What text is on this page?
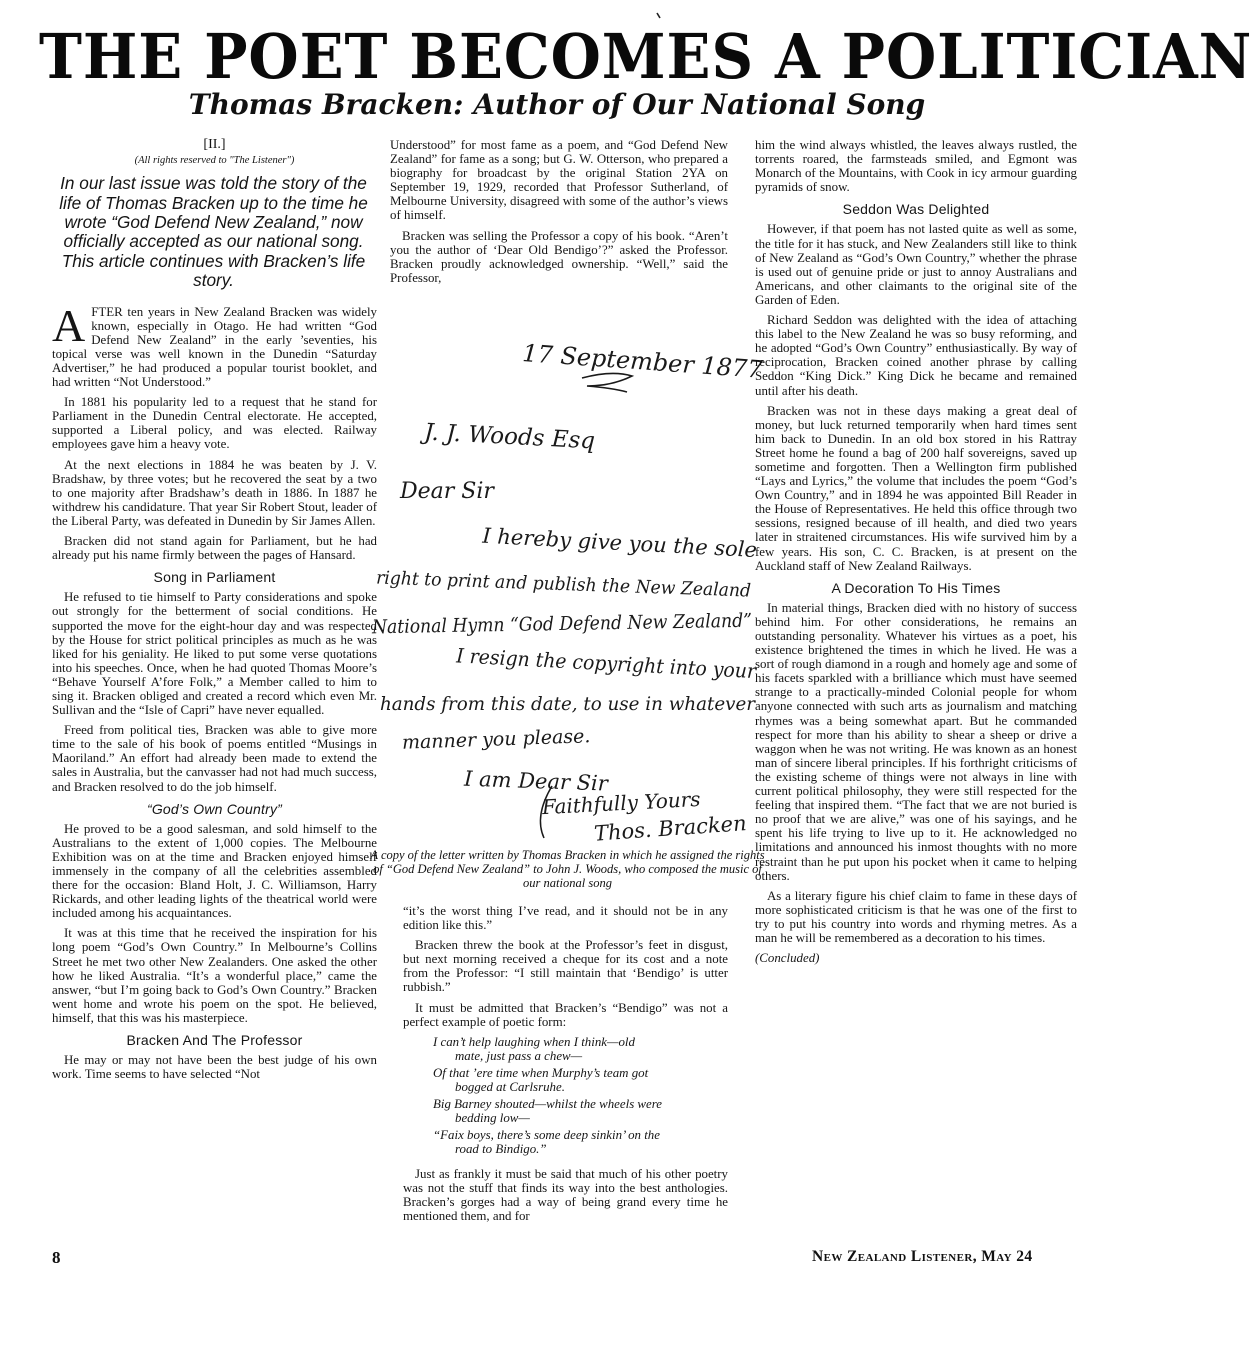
THE POET BECOMES A POLITICIAN
Thomas Bracken: Author of Our National Song
[II.]
(All rights reserved to "The Listener")
In our last issue was told the story of the life of Thomas Bracken up to the time he wrote “God Defend New Zealand,” now officially accepted as our national song. This article continues with Bracken’s life story.

AFTER ten years in New Zealand Bracken was widely known, especially in Otago. He had written “God Defend New Zealand” in the early ’seventies, his topical verse was well known in the Dunedin “Saturday Advertiser,” he had produced a popular tourist booklet, and had written “Not Understood.”

In 1881 his popularity led to a request that he stand for Parliament in the Dunedin Central electorate. He accepted, supported a Liberal policy, and was elected. Railway employees gave him a heavy vote.

At the next elections in 1884 he was beaten by J. V. Bradshaw, by three votes; but he recovered the seat by a two to one majority after Bradshaw’s death in 1886. In 1887 he withdrew his candidature. That year Sir Robert Stout, leader of the Liberal Party, was defeated in Dunedin by Sir James Allen.

Bracken did not stand again for Parliament, but he had already put his name firmly between the pages of Hansard.

Song in Parliament

He refused to tie himself to Party considerations and spoke out strongly for the betterment of social conditions. He supported the move for the eight-hour day and was respected by the House for strict political principles as much as he was liked for his geniality. He liked to put some verse quotations into his speeches. Once, when he had quoted Thomas Moore’s “Behave Yourself A’fore Folk,” a Member called to him to sing it. Bracken obliged and created a record which even Mr. Sullivan and the “Isle of Capri” have never equalled.

Freed from political ties, Bracken was able to give more time to the sale of his book of poems entitled “Musings in Maoriland.” An effort had already been made to extend the sales in Australia, but the canvasser had not had much success, and Bracken resolved to do the job himself.

“God’s Own Country”

He proved to be a good salesman, and sold himself to the Australians to the extent of 1,000 copies. The Melbourne Exhibition was on at the time and Bracken enjoyed himself immensely in the company of all the celebrities assembled there for the occasion: Bland Holt, J. C. Williamson, Harry Rickards, and other leading lights of the theatrical world were included among his acquaintances.

It was at this time that he received the inspiration for his long poem “God’s Own Country.” In Melbourne’s Collins Street he met two other New Zealanders. One asked the other how he liked Australia. “It’s a wonderful place,” came the answer, “but I’m going back to God’s Own Country.” Bracken went home and wrote his poem on the spot. He believed, himself, that this was his masterpiece.

Bracken And The Professor

He may or may not have been the best judge of his own work. Time seems to have selected “Not

Understood” for most fame as a poem, and “God Defend New Zealand” for fame as a song; but G. W. Otterson, who prepared a biography for broadcast by the original Station 2YA on September 19, 1929, recorded that Professor Sutherland, of Melbourne University, disagreed with some of the author’s views of himself.

Bracken was selling the Professor a copy of his book. “Aren’t you the author of ‘Dear Old Bendigo’?” asked the Professor. Bracken proudly acknowledged ownership. “Well,” said the Professor,

17 September 1877
J. J. Woods Esq
Dear Sir
I hereby give you the sole
right to print and publish the New Zealand
National Hymn “God Defend New Zealand”
I resign the copyright into your
hands from this date, to use in whatever
manner you please.
I am Dear Sir
Faithfully Yours
Thos. Bracken
A copy of the letter written by Thomas Bracken in which he assigned the rights of “God Defend New Zealand” to John J. Woods, who composed the music of our national song

“it’s the worst thing I’ve read, and it should not be in any edition like this.”

Bracken threw the book at the Professor’s feet in disgust, but next morning received a cheque for its cost and a note from the Professor: “I still maintain that ‘Bendigo’ is utter rubbish.”

It must be admitted that Bracken’s “Bendigo” was not a perfect example of poetic form:

I can’t help laughing when I think—old
mate, just pass a chew—
Of that ’ere time when Murphy’s team got
bogged at Carlsruhe.
Big Barney shouted—whilst the wheels were
bedding low—
“Faix boys, there’s some deep sinkin’ on the
road to Bindigo.”

Just as frankly it must be said that much of his other poetry was not the stuff that finds its way into the best anthologies. Bracken’s gorges had a way of being grand every time he mentioned them, and for

him the wind always whistled, the leaves always rustled, the torrents roared, the farmsteads smiled, and Egmont was Monarch of the Mountains, with Cook in icy armour guarding pyramids of snow.

Seddon Was Delighted

However, if that poem has not lasted quite as well as some, the title for it has stuck, and New Zealanders still like to think of New Zealand as “God’s Own Country,” whether the phrase is used out of genuine pride or just to annoy Australians and Americans, and other claimants to the original site of the Garden of Eden.

Richard Seddon was delighted with the idea of attaching this label to the New Zealand he was so busy reforming, and he adopted “God’s Own Country” enthusiastically. By way of reciprocation, Bracken coined another phrase by calling Seddon “King Dick.” King Dick he became and remained until after his death.

Bracken was not in these days making a great deal of money, but luck returned temporarily when hard times sent him back to Dunedin. In an old box stored in his Rattray Street home he found a bag of 200 half sovereigns, saved up sometime and forgotten. Then a Wellington firm published “Lays and Lyrics,” the volume that includes the poem “God’s Own Country,” and in 1894 he was appointed Bill Reader in the House of Representatives. He held this office through two sessions, resigned because of ill health, and died two years later in straitened circumstances. His wife survived him by a few years. His son, C. C. Bracken, is at present on the Auckland staff of New Zealand Railways.

A Decoration To His Times

In material things, Bracken died with no history of success behind him. For other considerations, he remains an outstanding personality. Whatever his virtues as a poet, his existence brightened the times in which he lived. He was a sort of rough diamond in a rough and homely age and some of his facets sparkled with a brilliance which must have seemed strange to a practically-minded Colonial people for whom anyone connected with such arts as journalism and matching rhymes was a being somewhat apart. But he commanded respect for more than his ability to shear a sheep or drive a waggon when he was not writing. He was known as an honest man of sincere liberal principles. If his forthright criticisms of the existing scheme of things were not always in line with current political philosophy, they were still respected for the feeling that inspired them. “The fact that we are not buried is no proof that we are alive,” was one of his sayings, and he spent his life trying to live up to it. He acknowledged no limitations and announced his inmost thoughts with no more restraint than he put upon his pocket when it came to helping others.

As a literary figure his chief claim to fame in these days of more sophisticated criticism is that he was one of the first to try to put his country into words and rhyming metres. As a man he will be remembered as a decoration to his times.

(Concluded)

8	New Zealand Listener, May 24
